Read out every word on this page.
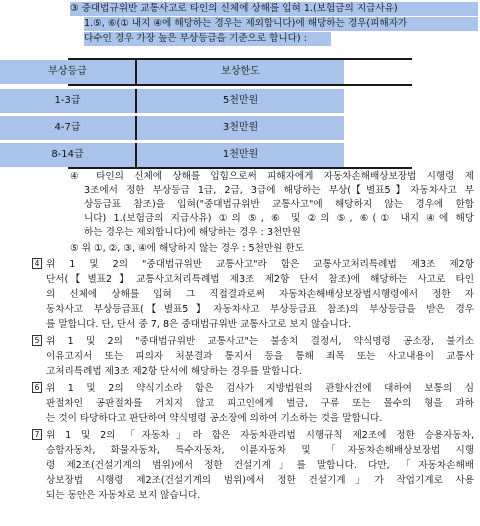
③ 중대법규위반 교통사고로 타인의 신체에 상해를 입혀 1.(보험금의 지급사유)
1.⑤, ⑥(① 내지 ④에 해당하는 경우는 제외합니다)에 해당하는 경우(피해자가
다수인 경우 가장 높은 부상등급을 기준으로 합니다) :
부상등급	보상한도
1-3급	5천만원
4-7급	3천만원
8-14급	1천만원
④ 타인의 신체에 상해를 입힘으로써 피해자에게 자동차손해배상보장법 시행령 제
3조에서 정한 부상등급 1급, 2급, 3급에 해당하는 부상(【별표5】자동차사고 부
상등급표 참조)을 입혀("중대법규위반 교통사고"에 해당하지 않는 경우에 한합
니다) 1.(보험금의 지급사유) ①의 ⑤, ⑥ 및 ②의 ⑤, ⑥(① 내지 ④에 해당
하는 경우는 제외합니다)에 해당하는 경우 : 3천만원
⑤ 위 ①, ②, ③, ④에 해당하지 않는 경우 : 5천만원 한도
4 위 1 및 2의 "중대법규위반 교통사고"라 함은 교통사고처리특례법 제3조 제2항
단서(【별표2】교통사고처리특례법 제3조 제2항 단서 참조)에 해당하는 사고로 타인
의 신체에 상해를 입혀 그 직접결과로써 자동차손해배상보장법시행령에서 정한 자
동차사고 부상등급표(【별표5】자동차사고 부상등급표 참조)의 부상등급을 받은 경우
를 말합니다. 단, 단서 중 7, 8은 중대법규위반 교통사고로 보지 않습니다.
5 위 1 및 2의 "중대법규위반 교통사고"는 불송치 결정서, 약식명령 공소장, 불기소
이유고지서 또는 피의자 처분결과 통지서 등을 통해 죄목 또는 사고내용이 교통사
고처리특례법 제3조 제2항 단서에 해당하는 경우를 말합니다.
6 위 1 및 2의 약식기소라 함은 검사가 지방법원의 관할사건에 대하여 보통의 심
판절차인 공판절차를 거치지 않고 피고인에게 벌금, 구류 또는 몰수의 형을 과하
는 것이 타당하다고 판단하여 약식명령 공소장에 의하여 기소하는 것을 말합니다.
7 위 1 및 2의 「자동차」라 함은 자동차관리법 시행규칙 제2조에 정한 승용자동차,
승합자동차, 화물자동차, 특수자동차, 이륜자동차 및 「자동차손해배상보장법 시행
령 제2조(건설기계의 범위)에서 정한 건설기계」를 말합니다. 다만, 「자동차손해배
상보장법 시행령 제2조(건설기계의 범위)에서 정한 건설기계」가 작업기계로 사용
되는 동안은 자동차로 보지 않습니다.
